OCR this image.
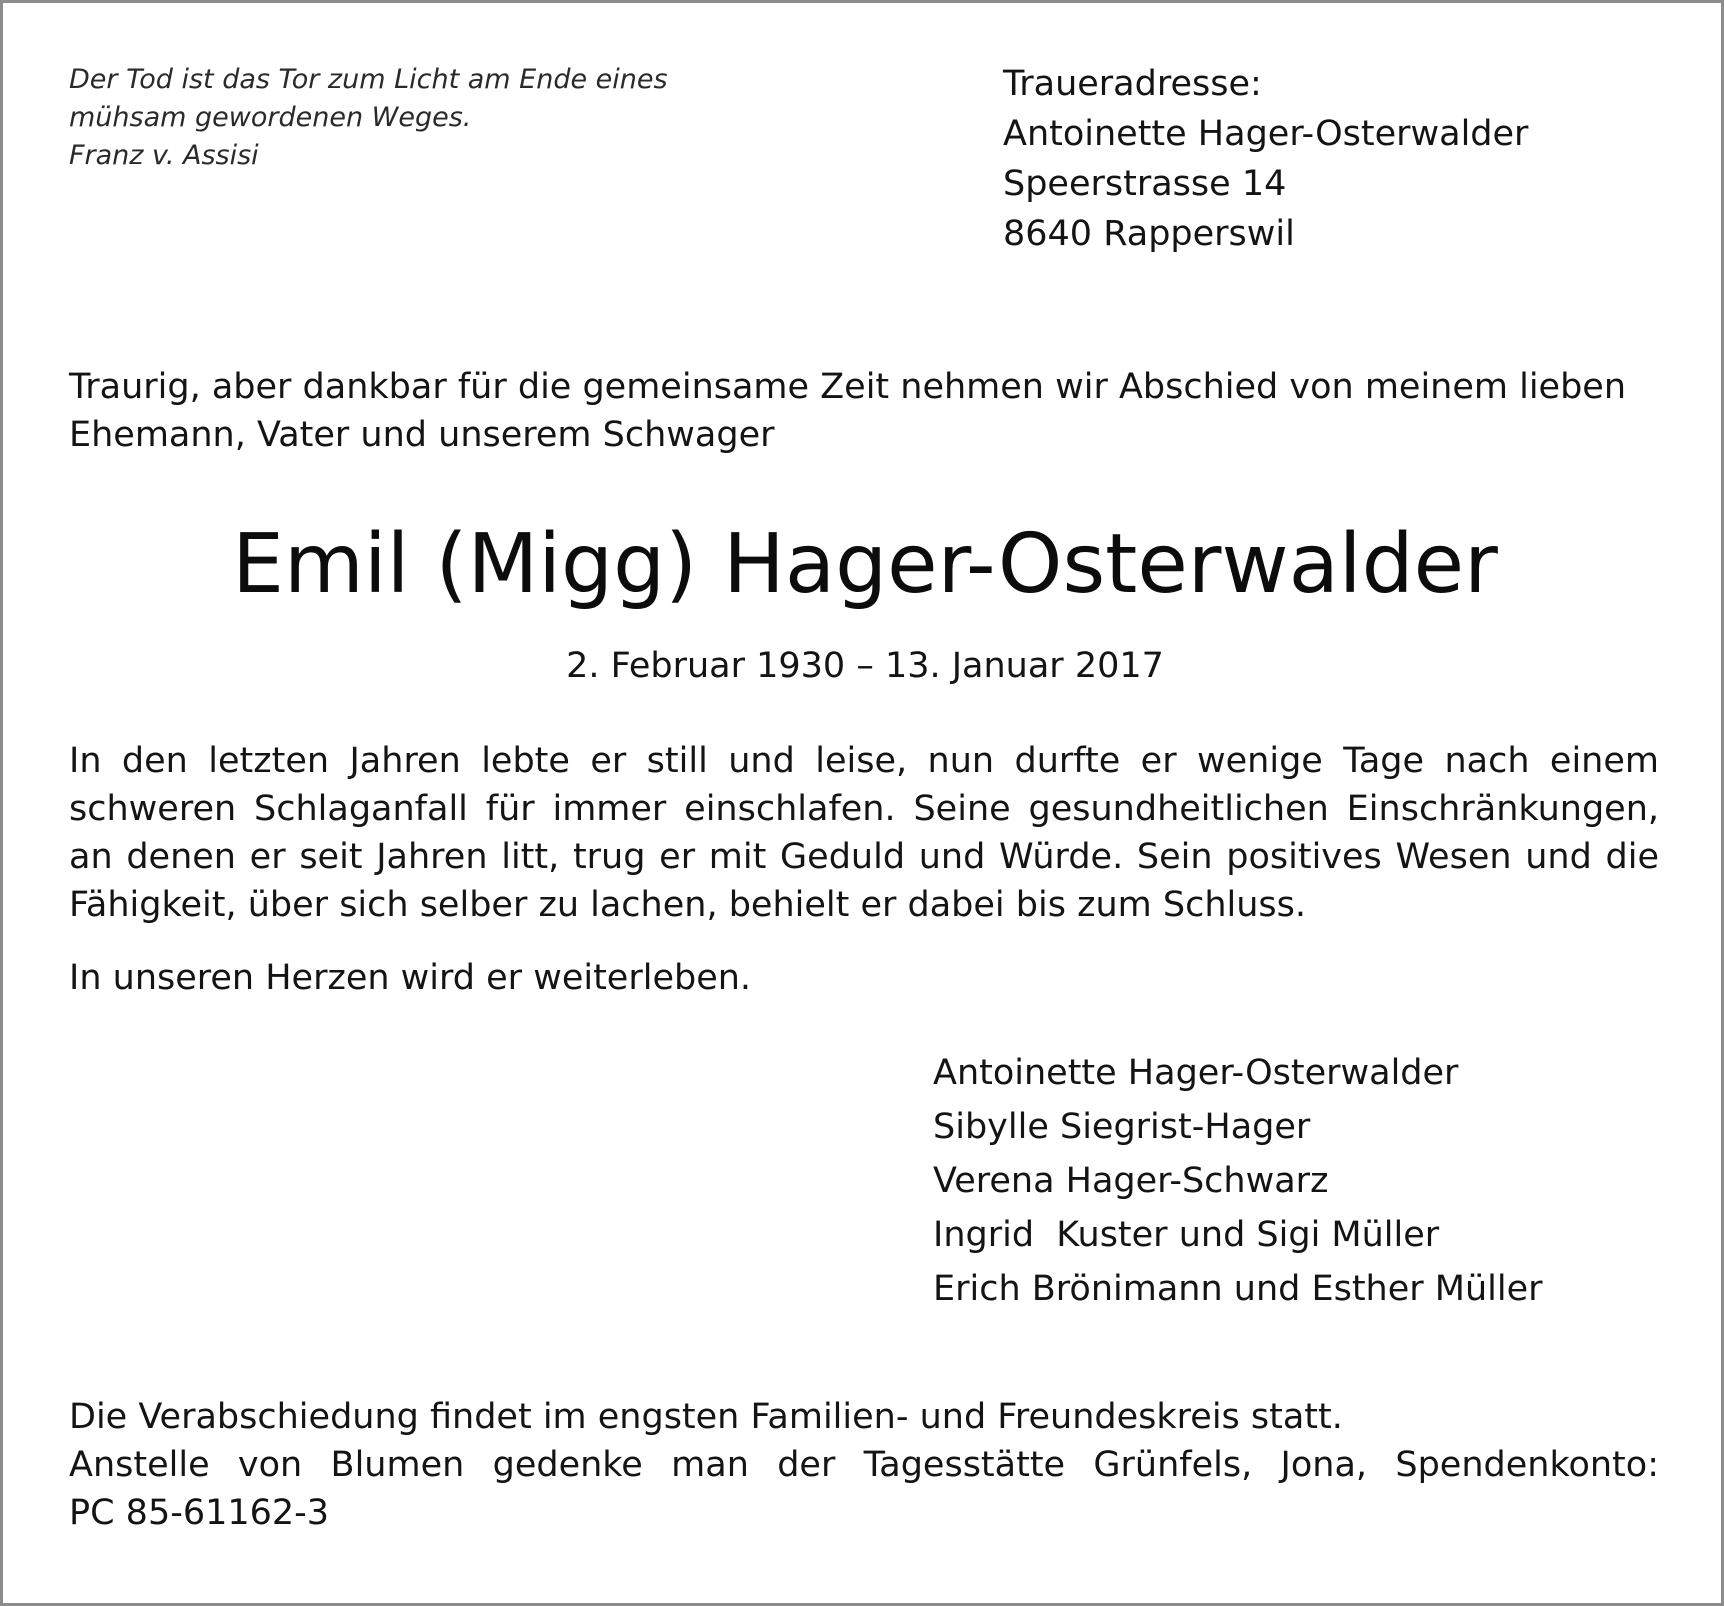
Der Tod ist das Tor zum Licht am Ende eines
mühsam gewordenen Weges.
Franz v. Assisi
Traueradresse:
Antoinette Hager-Osterwalder
Speerstrasse 14
8640 Rapperswil
Traurig, aber dankbar für die gemeinsame Zeit nehmen wir Abschied von meinem lieben Ehemann, Vater und unserem Schwager
Emil (Migg) Hager-Osterwalder
2. Februar 1930 – 13. Januar 2017
In den letzten Jahren lebte er still und leise, nun durfte er wenige Tage nach einem schweren Schlaganfall für immer einschlafen. Seine gesundheitlichen Einschränkungen, an denen er seit Jahren litt, trug er mit Geduld und Würde. Sein positives Wesen und die Fähigkeit, über sich selber zu lachen, behielt er dabei bis zum Schluss.
In unseren Herzen wird er weiterleben.
Antoinette Hager-Osterwalder
Sibylle Siegrist-Hager
Verena Hager-Schwarz
Ingrid  Kuster und Sigi Müller
Erich Brönimann und Esther Müller
Die Verabschiedung findet im engsten Familien- und Freundeskreis statt.
Anstelle von Blumen gedenke man der Tagesstätte Grünfels, Jona, Spendenkonto:
PC 85-61162-3
